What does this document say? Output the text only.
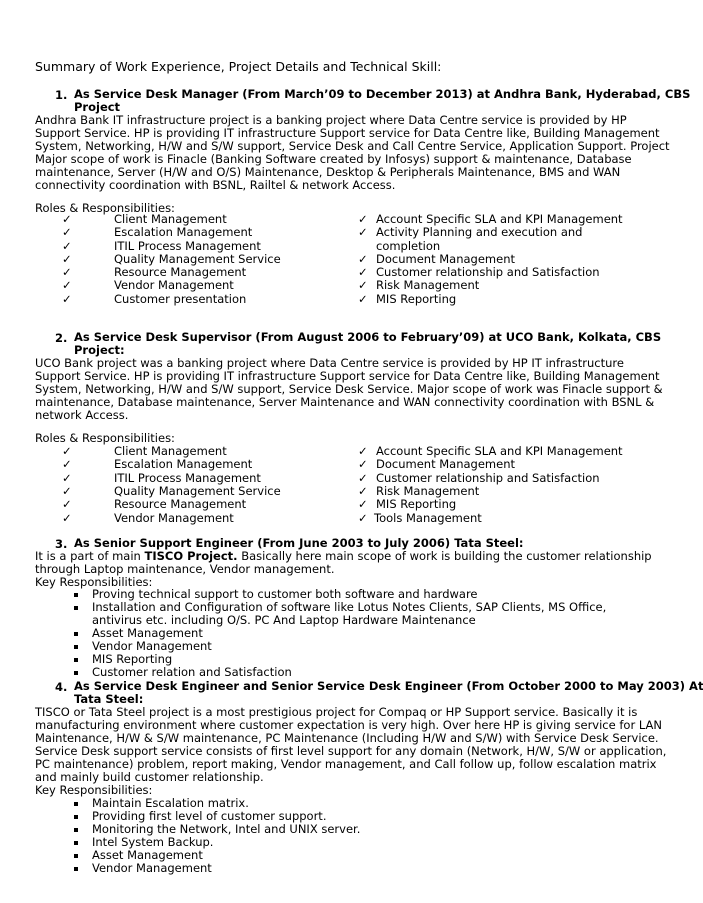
Summary of Work Experience, Project Details and Technical Skill:
1. As Service Desk Manager (From March’09 to December 2013) at Andhra Bank, Hyderabad, CBS
Project
Andhra Bank IT infrastructure project is a banking project where Data Centre service is provided by HP
Support Service. HP is providing IT infrastructure Support service for Data Centre like, Building Management
System, Networking, H/W and S/W support, Service Desk and Call Centre Service, Application Support. Project
Major scope of work is Finacle (Banking Software created by Infosys) support & maintenance, Database
maintenance, Server (H/W and O/S) Maintenance, Desktop & Peripherals Maintenance, BMS and WAN
connectivity coordination with BSNL, Railtel & network Access.
Roles & Responsibilities:
✓	Client Management
✓	Escalation Management
✓	ITIL Process Management
✓	Quality Management Service
✓	Resource Management
✓	Vendor Management
✓	Customer presentation
✓ Account Specific SLA and KPI Management
✓ Activity Planning and execution and
completion
✓ Document Management
✓ Customer relationship and Satisfaction
✓ Risk Management
✓ MIS Reporting
2. As Service Desk Supervisor (From August 2006 to February’09) at UCO Bank, Kolkata, CBS
Project:
UCO Bank project was a banking project where Data Centre service is provided by HP IT infrastructure
Support Service. HP is providing IT infrastructure Support service for Data Centre like, Building Management
System, Networking, H/W and S/W support, Service Desk Service. Major scope of work was Finacle support &
maintenance, Database maintenance, Server Maintenance and WAN connectivity coordination with BSNL &
network Access.
Roles & Responsibilities:
✓	Client Management
✓	Escalation Management
✓	ITIL Process Management
✓	Quality Management Service
✓	Resource Management
✓	Vendor Management
✓ Account Specific SLA and KPI Management
✓ Document Management
✓ Customer relationship and Satisfaction
✓ Risk Management
✓ MIS Reporting
✓ Tools Management
3. As Senior Support Engineer (From June 2003 to July 2006) Tata Steel:
It is a part of main TISCO Project. Basically here main scope of work is building the customer relationship
through Laptop maintenance, Vendor management.
Key Responsibilities:
Proving technical support to customer both software and hardware
Installation and Configuration of software like Lotus Notes Clients, SAP Clients, MS Office,
antivirus etc. including O/S. PC And Laptop Hardware Maintenance
Asset Management
Vendor Management
MIS Reporting
Customer relation and Satisfaction
4. As Service Desk Engineer and Senior Service Desk Engineer (From October 2000 to May 2003) At
Tata Steel:
TISCO or Tata Steel project is a most prestigious project for Compaq or HP Support service. Basically it is
manufacturing environment where customer expectation is very high. Over here HP is giving service for LAN
Maintenance, H/W & S/W maintenance, PC Maintenance (Including H/W and S/W) with Service Desk Service.
Service Desk support service consists of first level support for any domain (Network, H/W, S/W or application,
PC maintenance) problem, report making, Vendor management, and Call follow up, follow escalation matrix
and mainly build customer relationship.
Key Responsibilities:
Maintain Escalation matrix.
Providing first level of customer support.
Monitoring the Network, Intel and UNIX server.
Intel System Backup.
Asset Management
Vendor Management
